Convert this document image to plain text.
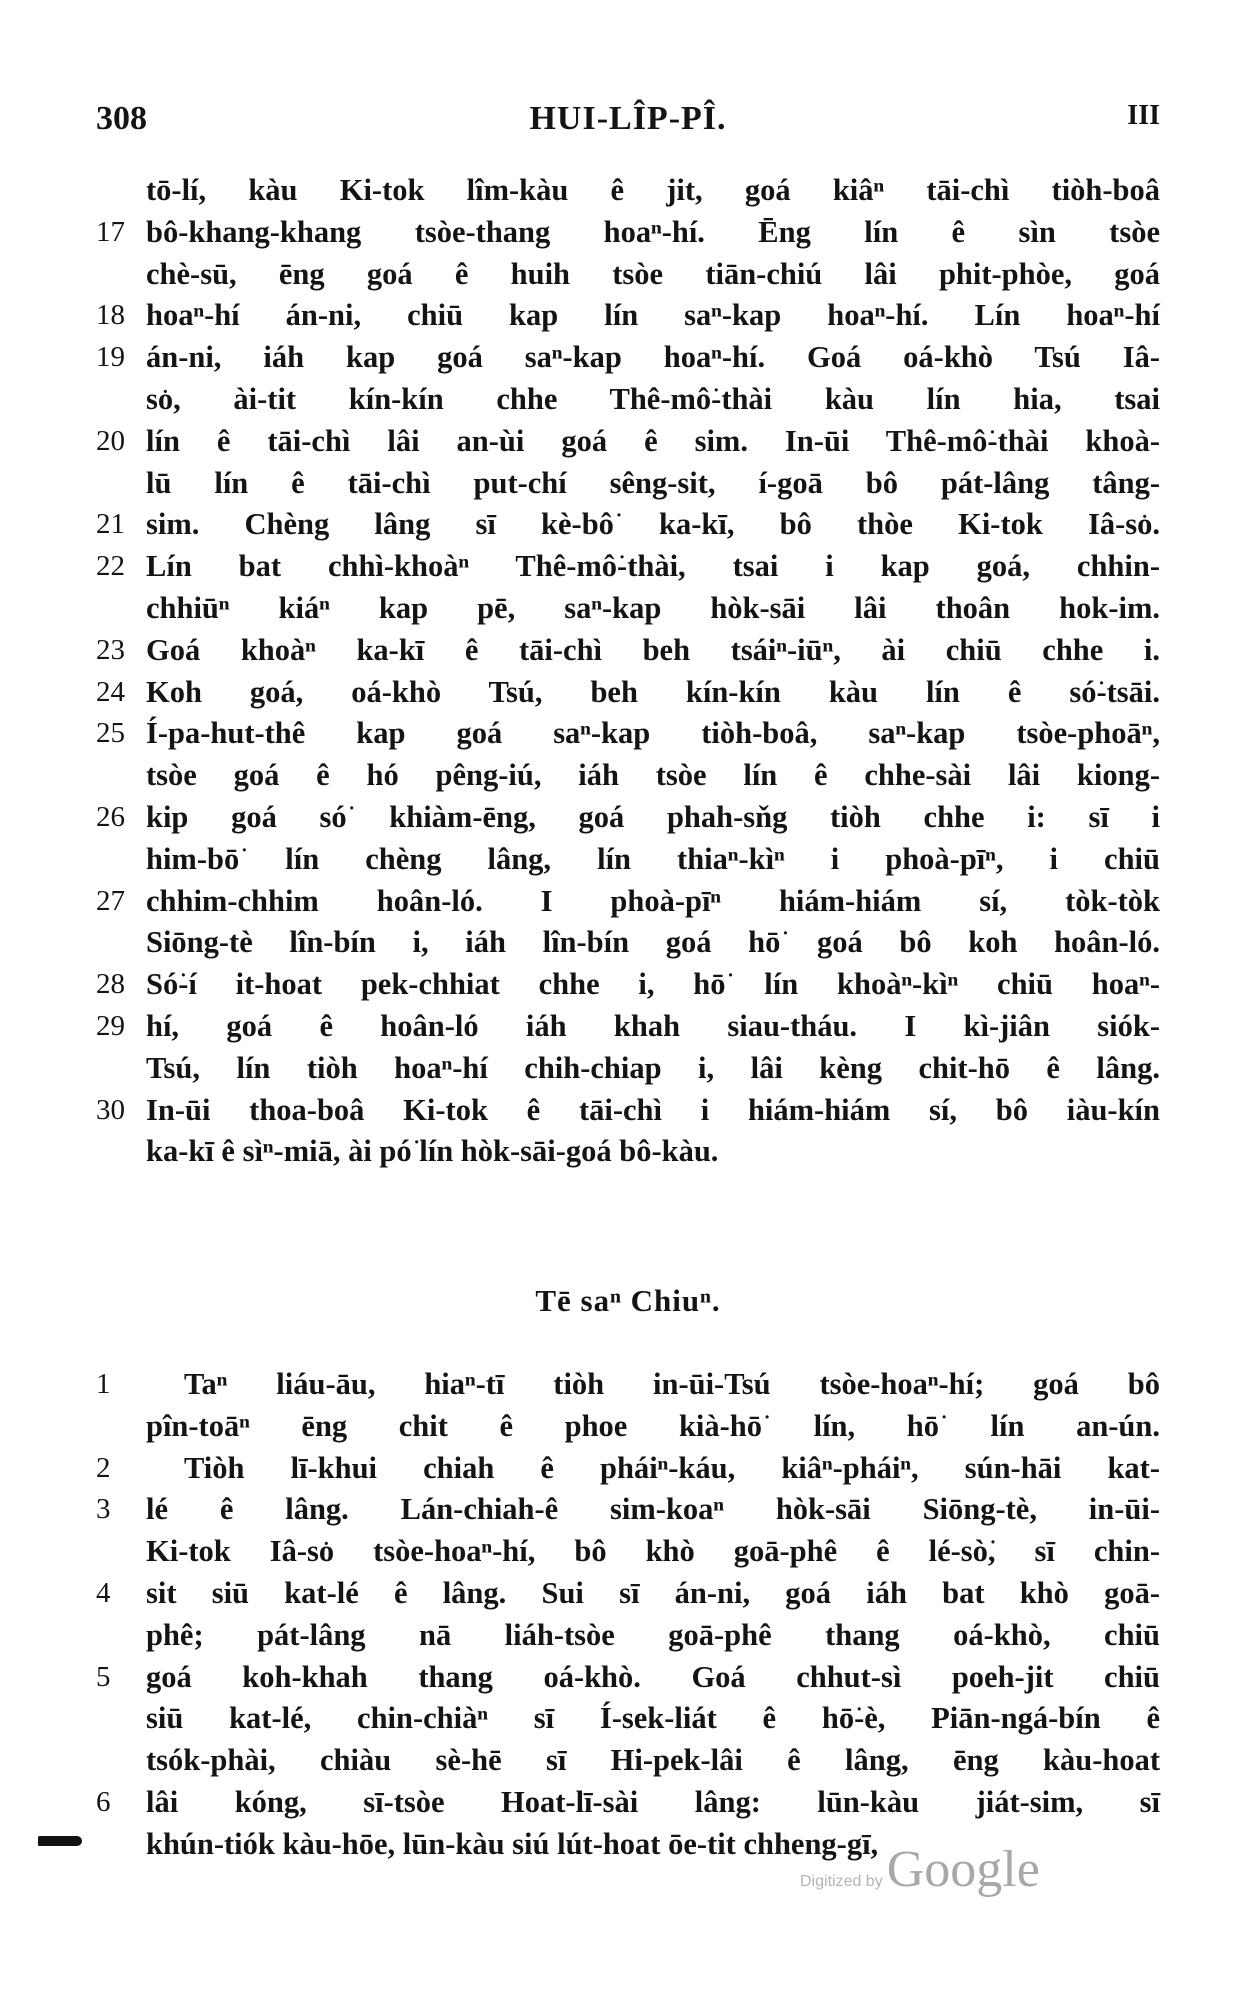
308	HUI-LÎP-PÎ.	III
tō-lí, kàu Ki-tok lîm-kàu ê jit, goá kiâⁿ tāi-chì tiòh-boâ
17 bô-khang-khang tsòe-thang hoaⁿ-hí. Ēng lín ê sìn tsòe
chè-sū, ēng goá ê huih tsòe tiān-chiú lâi phit-phòe, goá
18 hoaⁿ-hí án-ni, chiū kap lín saⁿ-kap hoaⁿ-hí. Lín hoaⁿ-hí
19 án-ni, iáh kap goá saⁿ-kap hoaⁿ-hí. Goá oá-khò Tsú Iâ-
so͘, ài-tit kín-kín chhe Thê-mô͘-thài kàu lín hia, tsai
20 lín ê tāi-chì lâi an-ùi goá ê sim. In-ūi Thê-mô͘-thài khoà-
lū lín ê tāi-chì put-chí sêng-sit, í-goā bô pát-lâng tâng-
21 sim. Chèng lâng sī kè-bô͘ ka-kī, bô thòe Ki-tok Iâ-so͘.
22 Lín bat chhì-khoàⁿ Thê-mô͘-thài, tsai i kap goá, chhin-
chhiūⁿ kiáⁿ kap pē, saⁿ-kap hòk-sāi lâi thoân hok-im.
23 Goá khoàⁿ ka-kī ê tāi-chì beh tsáiⁿ-iūⁿ, ài chiū chhe i.
24 Koh goá, oá-khò Tsú, beh kín-kín kàu lín ê só͘-tsāi.
25 Í-pa-hut-thê kap goá saⁿ-kap tiòh-boâ, saⁿ-kap tsòe-phoāⁿ,
tsòe goá ê hó pêng-iú, iáh tsòe lín ê chhe-sài lâi kiong-
26 kip goá só͘ khiàm-ēng, goá phah-sňg tiòh chhe i: sī i
him-bō͘ lín chèng lâng, lín thiaⁿ-kìⁿ i phoà-pīⁿ, i chiū
27 chhim-chhim hoân-ló. I phoà-pīⁿ hiám-hiám sí, tòk-tòk
Siōng-tè lîn-bín i, iáh lîn-bín goá hō͘ goá bô koh hoân-ló.
28 Só͘-í it-hoat pek-chhiat chhe i, hō͘ lín khoàⁿ-kìⁿ chiū hoaⁿ-
29 hí, goá ê hoân-ló iáh khah siau-tháu. I kì-jiân siók-
Tsú, lín tiòh hoaⁿ-hí chih-chiap i, lâi kèng chit-hō ê lâng.
30 In-ūi thoa-boâ Ki-tok ê tāi-chì i hiám-hiám sí, bô iàu-kín
ka-kī ê sìⁿ-miā, ài pó͘ lín hòk-sāi-goá bô-kàu.
Tē saⁿ Chiuⁿ.
1	Taⁿ liáu-āu, hiaⁿ-tī tiòh in-ūi-Tsú tsòe-hoaⁿ-hí; goá bô
pîn-toāⁿ ēng chit ê phoe kià-hō͘ lín, hō͘ lín an-ún.
2	Tiòh lī-khui chiah ê pháiⁿ-káu, kiâⁿ-pháiⁿ, sún-hāi kat-
3	lé ê lâng. Lán-chiah-ê sim-koaⁿ hòk-sāi Siōng-tè, in-ūi-
Ki-tok Iâ-so͘ tsòe-hoaⁿ-hí, bô khò goā-phê ê lé-sò͘, sī chin-
4	sit siū kat-lé ê lâng. Sui sī án-ni, goá iáh bat khò goā-
phê; pát-lâng nā liáh-tsòe goā-phê thang oá-khò, chiū
5	goá koh-khah thang oá-khò. Goá chhut-sì poeh-jit chiū
siū kat-lé, chin-chiàⁿ sī Í-sek-liát ê hō͘-è, Piān-ngá-bín ê
tsók-phài, chiàu sè-hē sī Hi-pek-lâi ê lâng, ēng kàu-hoat
6	lâi kóng, sī-tsòe Hoat-lī-sài lâng: lūn-kàu jiát-sim, sī
khún-tiók kàu-hōe, lūn-kàu siú lút-hoat ōe-tit chheng-gī,
Digitized by Google
